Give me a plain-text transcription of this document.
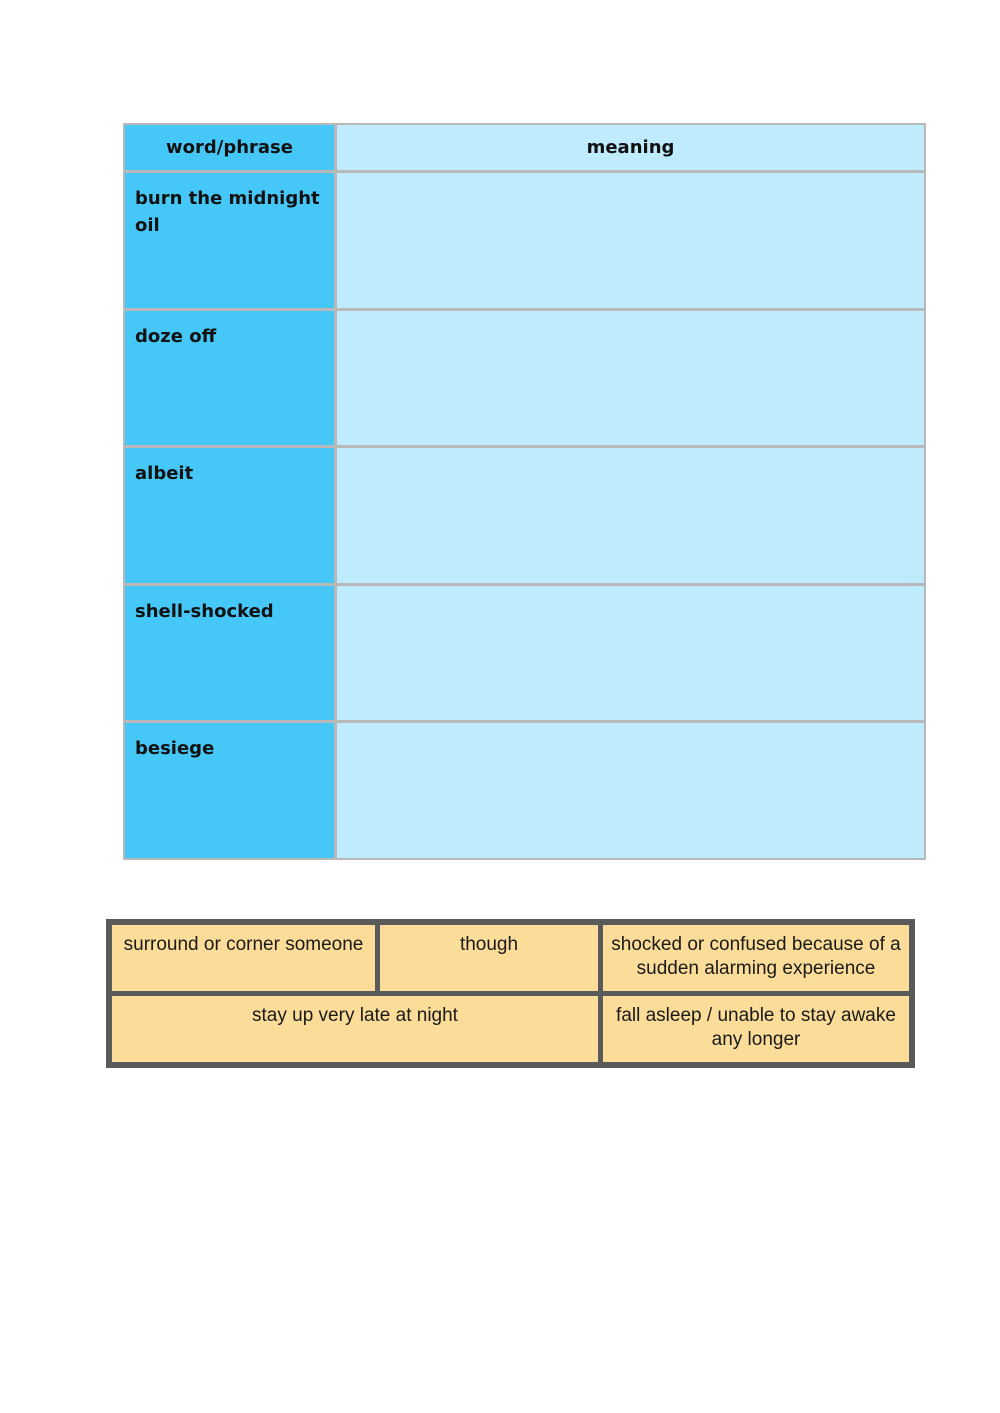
word/phrase	meaning
burn the midnight oil
doze off
albeit
shell-shocked
besiege
surround or corner someone	though	shocked or confused because of a sudden alarming experience
stay up very late at night	fall asleep / unable to stay awake any longer
